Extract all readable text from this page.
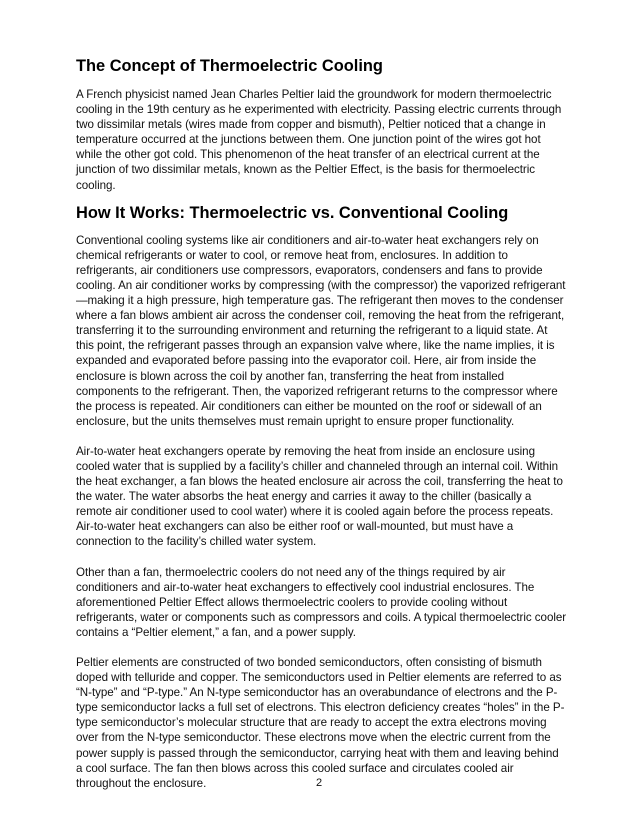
The Concept of Thermoelectric Cooling

A French physicist named Jean Charles Peltier laid the groundwork for modern thermoelectric cooling in the 19th century as he experimented with electricity. Passing electric currents through two dissimilar metals (wires made from copper and bismuth), Peltier noticed that a change in temperature occurred at the junctions between them. One junction point of the wires got hot while the other got cold. This phenomenon of the heat transfer of an electrical current at the junction of two dissimilar metals, known as the Peltier Effect, is the basis for thermoelectric cooling.

How It Works: Thermoelectric vs. Conventional Cooling

Conventional cooling systems like air conditioners and air-to-water heat exchangers rely on chemical refrigerants or water to cool, or remove heat from, enclosures. In addition to refrigerants, air conditioners use compressors, evaporators, condensers and fans to provide cooling. An air conditioner works by compressing (with the compressor) the vaporized refrigerant—making it a high pressure, high temperature gas. The refrigerant then moves to the condenser where a fan blows ambient air across the condenser coil, removing the heat from the refrigerant, transferring it to the surrounding environment and returning the refrigerant to a liquid state. At this point, the refrigerant passes through an expansion valve where, like the name implies, it is expanded and evaporated before passing into the evaporator coil. Here, air from inside the enclosure is blown across the coil by another fan, transferring the heat from installed components to the refrigerant. Then, the vaporized refrigerant returns to the compressor where the process is repeated. Air conditioners can either be mounted on the roof or sidewall of an enclosure, but the units themselves must remain upright to ensure proper functionality.

Air-to-water heat exchangers operate by removing the heat from inside an enclosure using cooled water that is supplied by a facility’s chiller and channeled through an internal coil. Within the heat exchanger, a fan blows the heated enclosure air across the coil, transferring the heat to the water. The water absorbs the heat energy and carries it away to the chiller (basically a remote air conditioner used to cool water) where it is cooled again before the process repeats. Air-to-water heat exchangers can also be either roof or wall-mounted, but must have a connection to the facility’s chilled water system.

Other than a fan, thermoelectric coolers do not need any of the things required by air conditioners and air-to-water heat exchangers to effectively cool industrial enclosures. The aforementioned Peltier Effect allows thermoelectric coolers to provide cooling without refrigerants, water or components such as compressors and coils. A typical thermoelectric cooler contains a “Peltier element,” a fan, and a power supply.

Peltier elements are constructed of two bonded semiconductors, often consisting of bismuth doped with telluride and copper. The semiconductors used in Peltier elements are referred to as “N-type” and “P-type.” An N-type semiconductor has an overabundance of electrons and the P-type semiconductor lacks a full set of electrons. This electron deficiency creates “holes” in the P-type semiconductor’s molecular structure that are ready to accept the extra electrons moving over from the N-type semiconductor. These electrons move when the electric current from the power supply is passed through the semiconductor, carrying heat with them and leaving behind a cool surface. The fan then blows across this cooled surface and circulates cooled air throughout the enclosure.	2
